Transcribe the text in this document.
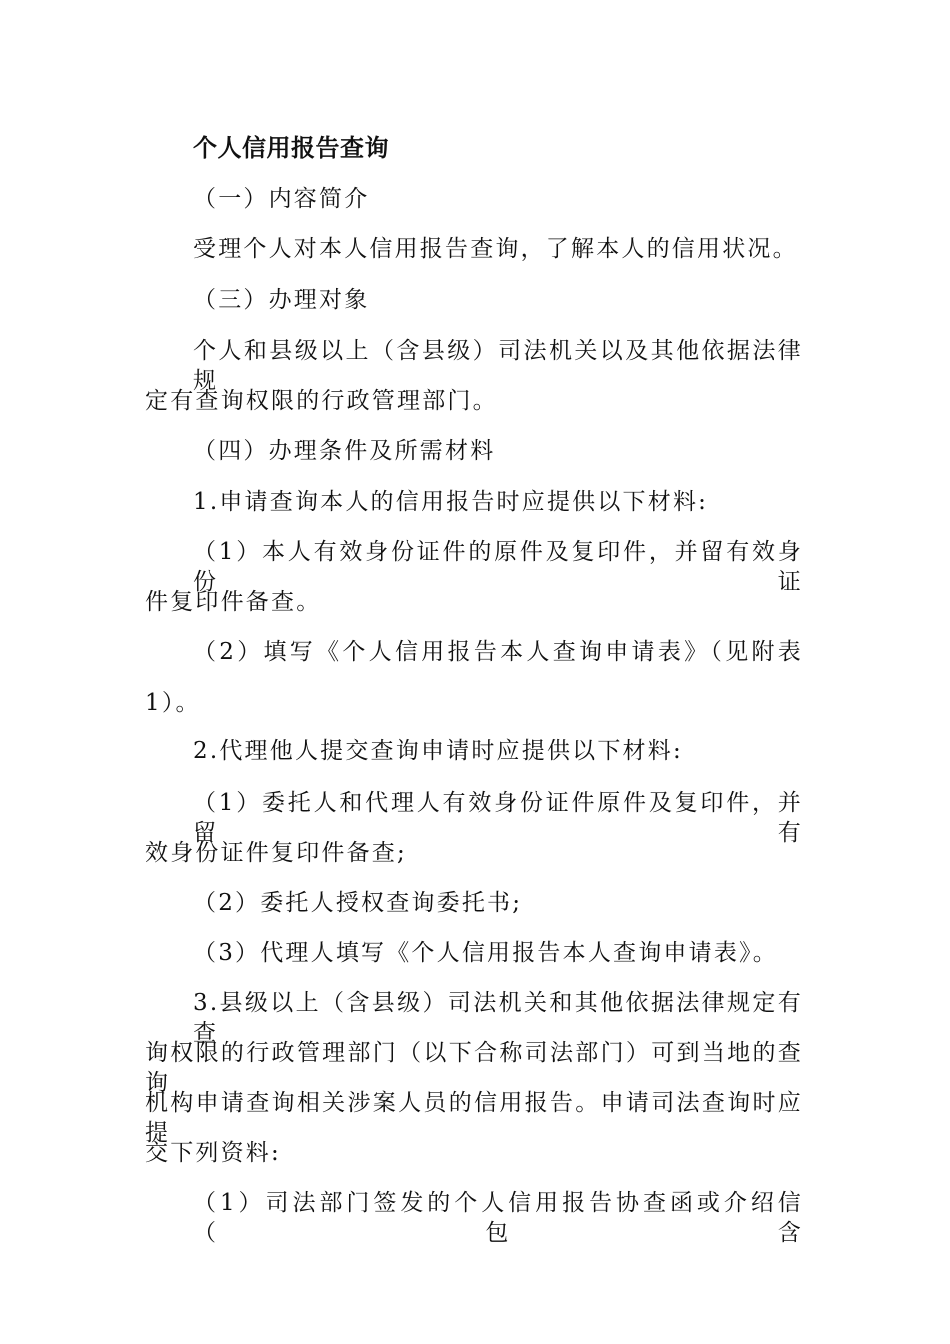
个人信用报告查询
（一）内容简介
受理个人对本人信用报告查询，了解本人的信用状况。
（三）办理对象
个人和县级以上（含县级）司法机关以及其他依据法律规
定有查询权限的行政管理部门。
（四）办理条件及所需材料
1.申请查询本人的信用报告时应提供以下材料:
（1）本人有效身份证件的原件及复印件，并留有效身份证
件复印件备查。
（2）填写《个人信用报告本人查询申请表》（见附表
1）。
2.代理他人提交查询申请时应提供以下材料:
（1）委托人和代理人有效身份证件原件及复印件，并留有
效身份证件复印件备查;
（2）委托人授权查询委托书;
（3）代理人填写《个人信用报告本人查询申请表》。
3.县级以上（含县级）司法机关和其他依据法律规定有查
询权限的行政管理部门（以下合称司法部门）可到当地的查询
机构申请查询相关涉案人员的信用报告。申请司法查询时应提
交下列资料:
（1）司法部门签发的个人信用报告协查函或介绍信（包含
